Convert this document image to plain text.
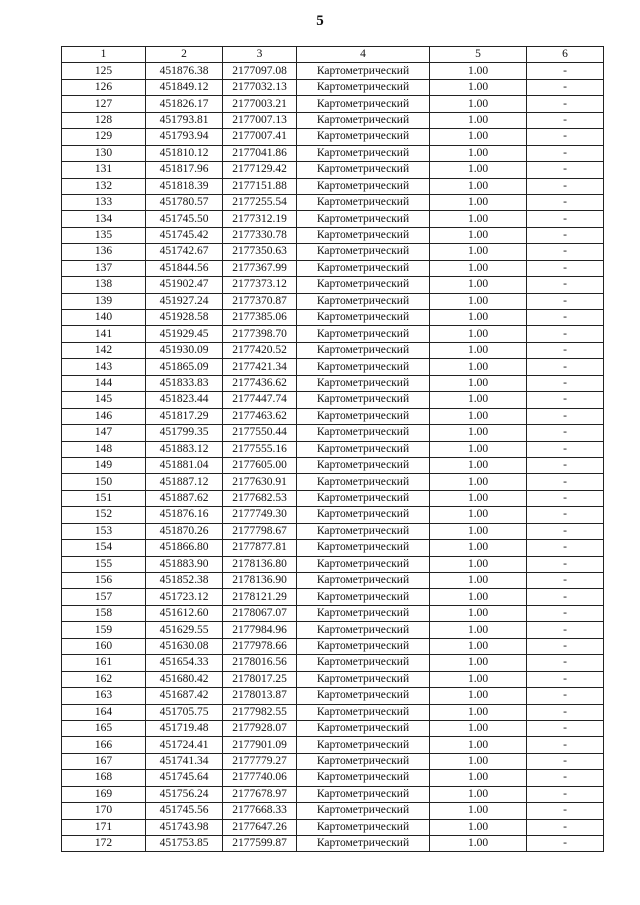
5
1	2	3	4	5	6
125	451876.38	2177097.08	Картометрический	1.00	-
126	451849.12	2177032.13	Картометрический	1.00	-
127	451826.17	2177003.21	Картометрический	1.00	-
128	451793.81	2177007.13	Картометрический	1.00	-
129	451793.94	2177007.41	Картометрический	1.00	-
130	451810.12	2177041.86	Картометрический	1.00	-
131	451817.96	2177129.42	Картометрический	1.00	-
132	451818.39	2177151.88	Картометрический	1.00	-
133	451780.57	2177255.54	Картометрический	1.00	-
134	451745.50	2177312.19	Картометрический	1.00	-
135	451745.42	2177330.78	Картометрический	1.00	-
136	451742.67	2177350.63	Картометрический	1.00	-
137	451844.56	2177367.99	Картометрический	1.00	-
138	451902.47	2177373.12	Картометрический	1.00	-
139	451927.24	2177370.87	Картометрический	1.00	-
140	451928.58	2177385.06	Картометрический	1.00	-
141	451929.45	2177398.70	Картометрический	1.00	-
142	451930.09	2177420.52	Картометрический	1.00	-
143	451865.09	2177421.34	Картометрический	1.00	-
144	451833.83	2177436.62	Картометрический	1.00	-
145	451823.44	2177447.74	Картометрический	1.00	-
146	451817.29	2177463.62	Картометрический	1.00	-
147	451799.35	2177550.44	Картометрический	1.00	-
148	451883.12	2177555.16	Картометрический	1.00	-
149	451881.04	2177605.00	Картометрический	1.00	-
150	451887.12	2177630.91	Картометрический	1.00	-
151	451887.62	2177682.53	Картометрический	1.00	-
152	451876.16	2177749.30	Картометрический	1.00	-
153	451870.26	2177798.67	Картометрический	1.00	-
154	451866.80	2177877.81	Картометрический	1.00	-
155	451883.90	2178136.80	Картометрический	1.00	-
156	451852.38	2178136.90	Картометрический	1.00	-
157	451723.12	2178121.29	Картометрический	1.00	-
158	451612.60	2178067.07	Картометрический	1.00	-
159	451629.55	2177984.96	Картометрический	1.00	-
160	451630.08	2177978.66	Картометрический	1.00	-
161	451654.33	2178016.56	Картометрический	1.00	-
162	451680.42	2178017.25	Картометрический	1.00	-
163	451687.42	2178013.87	Картометрический	1.00	-
164	451705.75	2177982.55	Картометрический	1.00	-
165	451719.48	2177928.07	Картометрический	1.00	-
166	451724.41	2177901.09	Картометрический	1.00	-
167	451741.34	2177779.27	Картометрический	1.00	-
168	451745.64	2177740.06	Картометрический	1.00	-
169	451756.24	2177678.97	Картометрический	1.00	-
170	451745.56	2177668.33	Картометрический	1.00	-
171	451743.98	2177647.26	Картометрический	1.00	-
172	451753.85	2177599.87	Картометрический	1.00	-
